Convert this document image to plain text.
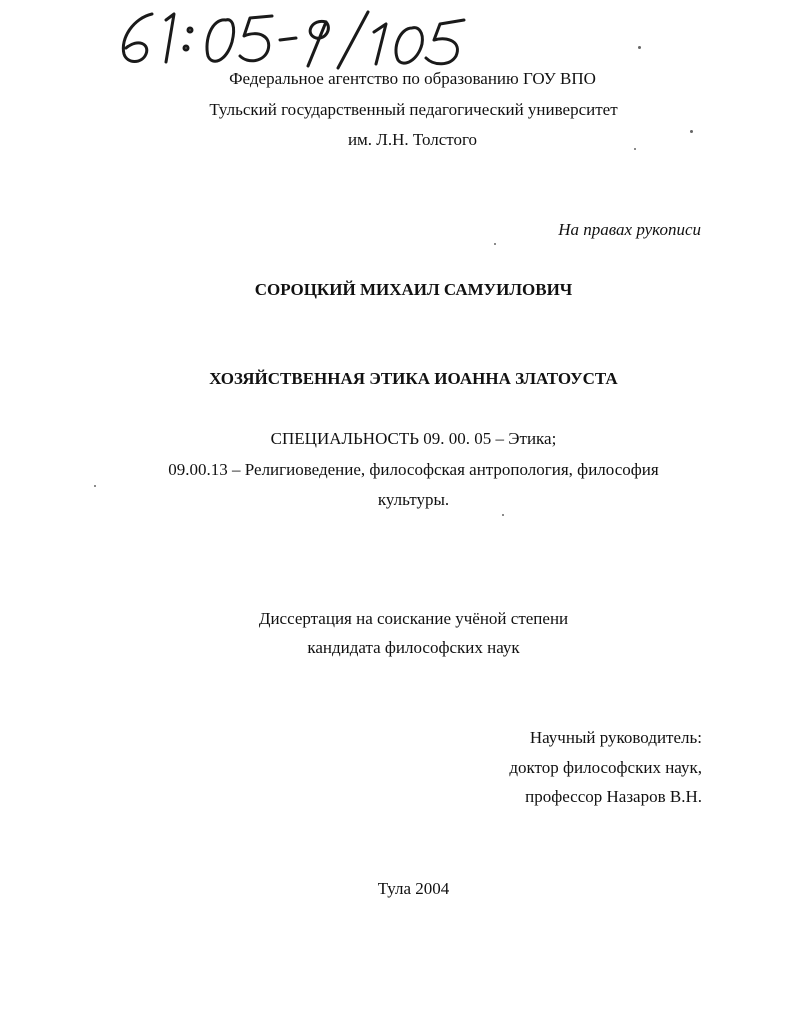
Федеральное агентство по образованию ГОУ ВПО
Тульский государственный педагогический университет
им. Л.Н. Толстого
На правах рукописи
СОРОЦКИЙ МИХАИЛ САМУИЛОВИЧ
ХОЗЯЙСТВЕННАЯ ЭТИКА ИОАННА ЗЛАТОУСТА
СПЕЦИАЛЬНОСТЬ 09. 00. 05 – Этика;
09.00.13 – Религиоведение, философская антропология, философия
культуры.
Диссертация на соискание учёной степени
кандидата философских наук
Научный руководитель:
доктор философских наук,
профессор Назаров В.Н.
Тула 2004
